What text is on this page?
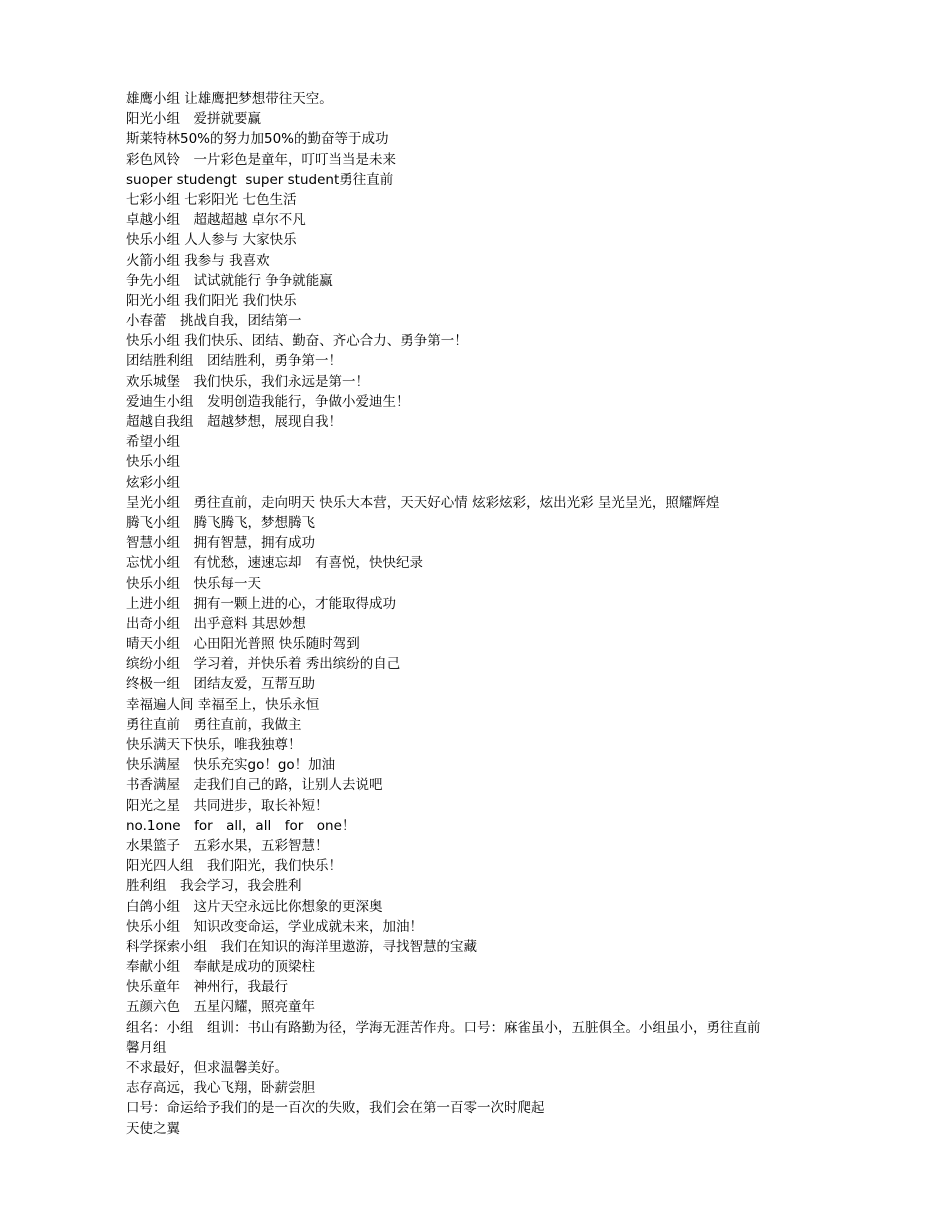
雄鹰小组 让雄鹰把梦想带往天空。
阳光小组　爱拼就要赢
斯莱特林50%的努力加50%的勤奋等于成功
彩色风铃　一片彩色是童年，叮叮当当是未来
suoper studengt  super student勇往直前
七彩小组 七彩阳光 七色生活
卓越小组　超越超越 卓尔不凡
快乐小组 人人参与 大家快乐
火箭小组 我参与 我喜欢
争先小组　试试就能行 争争就能赢
阳光小组 我们阳光 我们快乐
小春蕾　挑战自我，团结第一
快乐小组 我们快乐、团结、勤奋、齐心合力、勇争第一！
团结胜利组　团结胜利，勇争第一！
欢乐城堡　我们快乐，我们永远是第一！
爱迪生小组　发明创造我能行，争做小爱迪生！
超越自我组　超越梦想，展现自我！
希望小组
快乐小组
炫彩小组
呈光小组　勇往直前，走向明天 快乐大本营，天天好心情 炫彩炫彩，炫出光彩 呈光呈光，照耀辉煌
腾飞小组　腾飞腾飞，梦想腾飞
智慧小组　拥有智慧，拥有成功
忘忧小组　有忧愁，速速忘却　有喜悦，快快纪录
快乐小组　快乐每一天
上进小组　拥有一颗上进的心，才能取得成功
出奇小组　出乎意料 其思妙想
晴天小组　心田阳光普照 快乐随时驾到
缤纷小组　学习着，并快乐着 秀出缤纷的自己
终极一组　团结友爱，互帮互助
幸福遍人间 幸福至上，快乐永恒
勇往直前　勇往直前，我做主
快乐满天下快乐，唯我独尊！
快乐满屋　快乐充实go！go！加油
书香满屋　走我们自己的路，让别人去说吧
阳光之星　共同进步，取长补短！
no.1one　for　all，all　for　one！
水果篮子　五彩水果，五彩智慧！
阳光四人组　我们阳光，我们快乐！
胜利组　我会学习，我会胜利
白鸽小组　这片天空永远比你想象的更深奥
快乐小组　知识改变命运，学业成就未来，加油！
科学探索小组　我们在知识的海洋里遨游，寻找智慧的宝藏
奉献小组　奉献是成功的顶梁柱
快乐童年　神州行，我最行
五颜六色　五星闪耀，照亮童年
组名：小组　组训：书山有路勤为径，学海无涯苦作舟。口号：麻雀虽小，五脏俱全。小组虽小，勇往直前
馨月组
不求最好，但求温馨美好。
志存高远，我心飞翔，卧薪尝胆
口号：命运给予我们的是一百次的失败，我们会在第一百零一次时爬起
天使之翼
